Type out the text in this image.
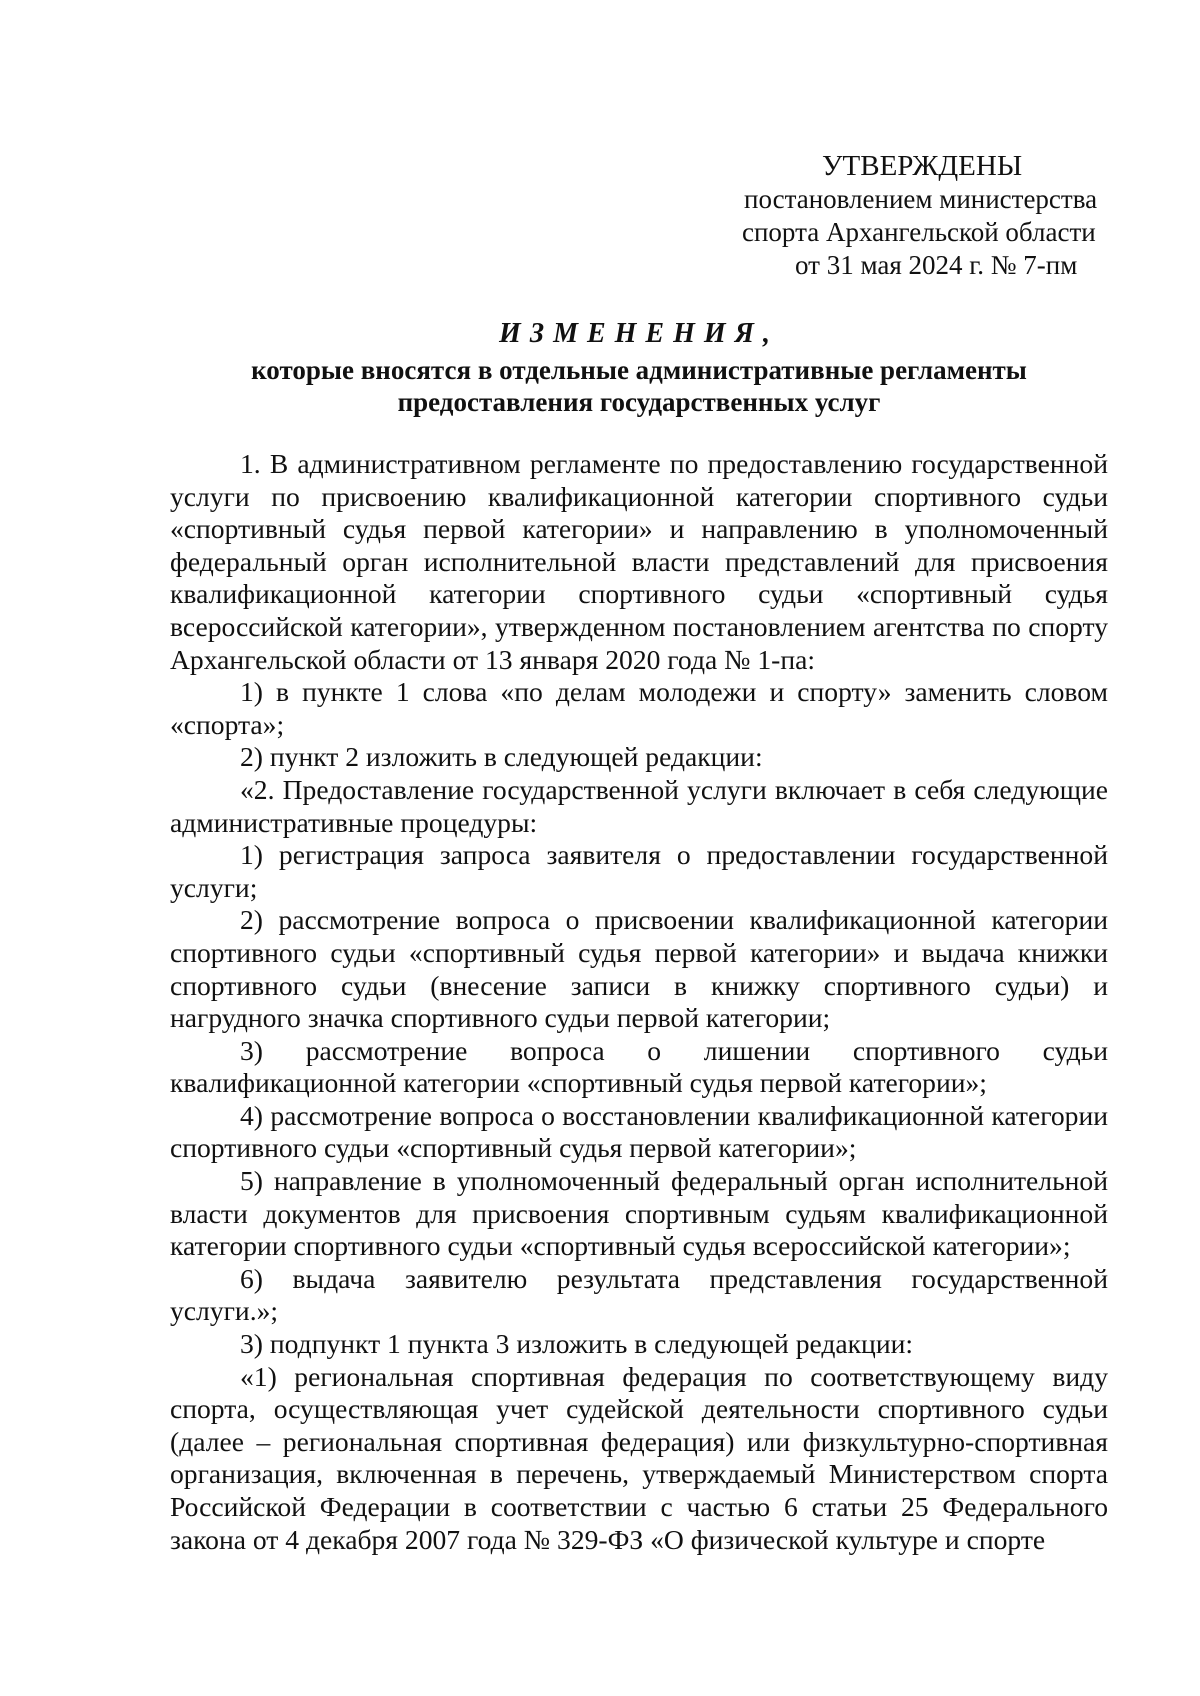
УТВЕРЖДЕНЫ
постановлением министерства
спорта Архангельской области
от 31 мая 2024 г. № 7-пм
ИЗМЕНЕНИЯ,
которые вносятся в отдельные административные регламенты
предоставления государственных услуг

1. В административном регламенте по предоставлению государственной услуги по присвоению квалификационной категории спортивного судьи «спортивный судья первой категории» и направлению в уполномоченный федеральный орган исполнительной власти представлений для присвоения квалификационной категории спортивного судьи «спортивный судья всероссийской категории», утвержденном постановлением агентства по спорту Архангельской области от 13 января 2020 года № 1-па:

1) в пункте 1 слова «по делам молодежи и спорту» заменить словом «спорта»;

2) пункт 2 изложить в следующей редакции:

«2. Предоставление государственной услуги включает в себя следующие административные процедуры:

1) регистрация запроса заявителя о предоставлении государственной услуги;

2) рассмотрение вопроса о присвоении квалификационной категории спортивного судьи «спортивный судья первой категории» и выдача книжки спортивного судьи (внесение записи в книжку спортивного судьи) и нагрудного значка спортивного судьи первой категории;

3) рассмотрение вопроса о лишении спортивного судьи квалификационной категории «спортивный судья первой категории»;

4) рассмотрение вопроса о восстановлении квалификационной категории спортивного судьи «спортивный судья первой категории»;

5) направление в уполномоченный федеральный орган исполнительной власти документов для присвоения спортивным судьям квалификационной категории спортивного судьи «спортивный судья всероссийской категории»;

6) выдача заявителю результата представления государственной услуги.»;

3) подпункт 1 пункта 3 изложить в следующей редакции:

«1) региональная спортивная федерация по соответствующему виду спорта, осуществляющая учет судейской деятельности спортивного судьи (далее – региональная спортивная федерация) или физкультурно-спортивная организация, включенная в перечень, утверждаемый Министерством спорта Российской Федерации в соответствии с частью 6 статьи 25 Федерального закона от 4 декабря 2007 года № 329-ФЗ «О физической культуре и спорте
